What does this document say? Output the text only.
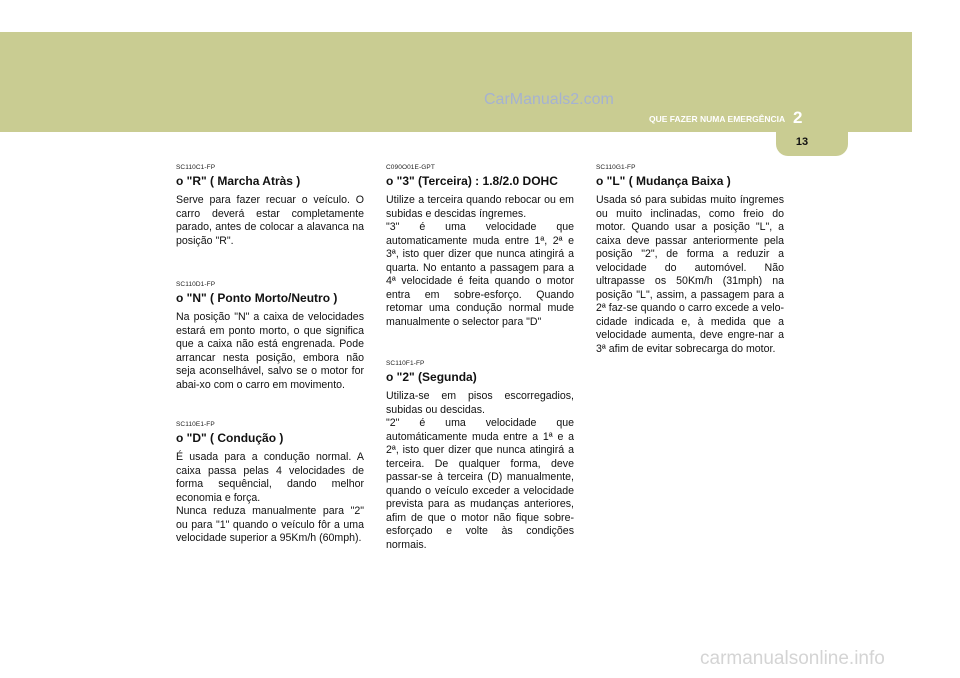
CarManuals2.com
QUE FAZER NUMA EMERGÊNCIA 2
13
SC110C1-FP
o "R" ( Marcha Atràs )
Serve para fazer recuar o veículo. O carro deverá estar completamente parado, antes de colocar a alavanca na posição "R".
SC110D1-FP
o "N" ( Ponto Morto/Neutro )
Na posição "N" a caixa de velocidades estará em ponto morto, o que significa que a caixa não está engrenada. Pode arrancar nesta posição, embora não seja aconselhável, salvo se o motor for abai-xo com o carro em movimento.
SC110E1-FP
o "D" ( Condução )
É usada para a condução normal. A caixa passa pelas 4 velocidades de forma sequêncial, dando melhor economia e força.
Nunca reduza manualmente para "2" ou para "1" quando o veículo fôr a uma velocidade superior a 95Km/h (60mph).
C090O01E-GPT
o "3" (Terceira) : 1.8/2.0 DOHC
Utilize a terceira quando rebocar ou em subidas e descidas íngremes.
"3" é uma velocidade que automaticamente muda entre 1ª, 2ª e 3ª, isto quer dizer que nunca atingirá a quarta. No entanto a passagem para a 4ª velocidade é feita quando o motor entra em sobre-esforço. Quando retomar uma condução normal mude manualmente o selector para "D"
SC110F1-FP
o "2" (Segunda)
Utiliza-se em pisos escorregadios, subidas ou descidas.
"2" é uma velocidade que automáticamente muda entre a 1ª e a 2ª, isto quer dizer que nunca atingirá a terceira. De qualquer forma, deve passar-se à terceira (D) manualmente, quando o veículo exceder a velocidade prevista para as mudanças anteriores, afim de que o motor não fique sobre-esforçado e volte às condições normais.
SC110G1-FP
o "L" ( Mudança Baixa )
Usada só para subidas muito íngremes ou muito inclinadas, como freio do motor. Quando usar a posição "L", a caixa deve passar anteriormente pela posição "2", de forma a reduzir a velocidade do automóvel. Não ultrapasse os 50Km/h (31mph) na posição "L", assim, a passagem para a 2ª faz-se quando o carro excede a velo-cidade indicada e, à medida que a velocidade aumenta, deve engre-nar a 3ª afim de evitar sobrecarga do motor.
carmanualsonline.info
